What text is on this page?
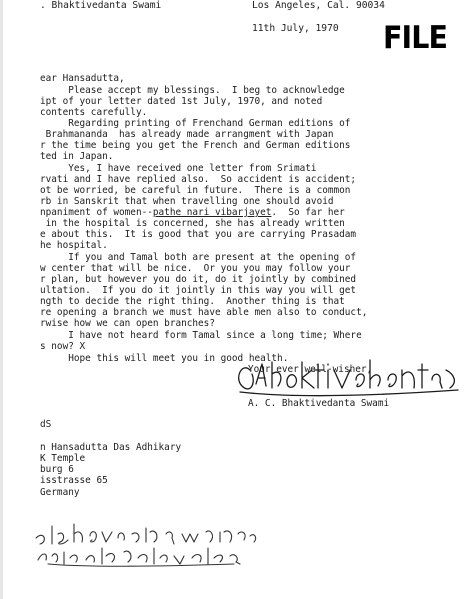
. Bhaktivedanta Swami	Los Angeles, Cal. 90034
11th July, 1970 FILE
ear Hansadutta,
Please accept my blessings.  I beg to acknowledge
ipt of your letter dated 1st July, 1970, and noted
contents carefully.
Regarding printing of Frenchand German editions of
Brahmananda  has already made arrangment with Japan
r the time being you get the French and German editions
ted in Japan.
Yes, I have received one letter from Srimati
rvati and I have replied also.  So accident is accident;
ot be worried, be careful in future.  There is a common
rb in Sanskrit that when travelling one should avoid
npaniment of women--pathe nari vibarjayet.  So far her
in the hospital is concerned, she has already written
e about this.  It is good that you are carrying Prasadam
he hospital.
If you and Tamal both are present at the opening of
w center that will be nice.  Or you you may follow your
r plan, but however you do it, do it jointly by combined
ultation.  If you do it jointly in this way you will get
ngth to decide the right thing.  Another thing is that
re opening a branch we must have able men also to conduct,
rwise how we can open branches?
I have not heard form Tamal since a long time; Where
s now? X
Hope this will meet you in good health.
Your ever well-wisher,
A. C. Bhaktivedanta Swami
dS
n Hansadutta Das Adhikary
K Temple
burg 6
isstrasse 65
Germany
